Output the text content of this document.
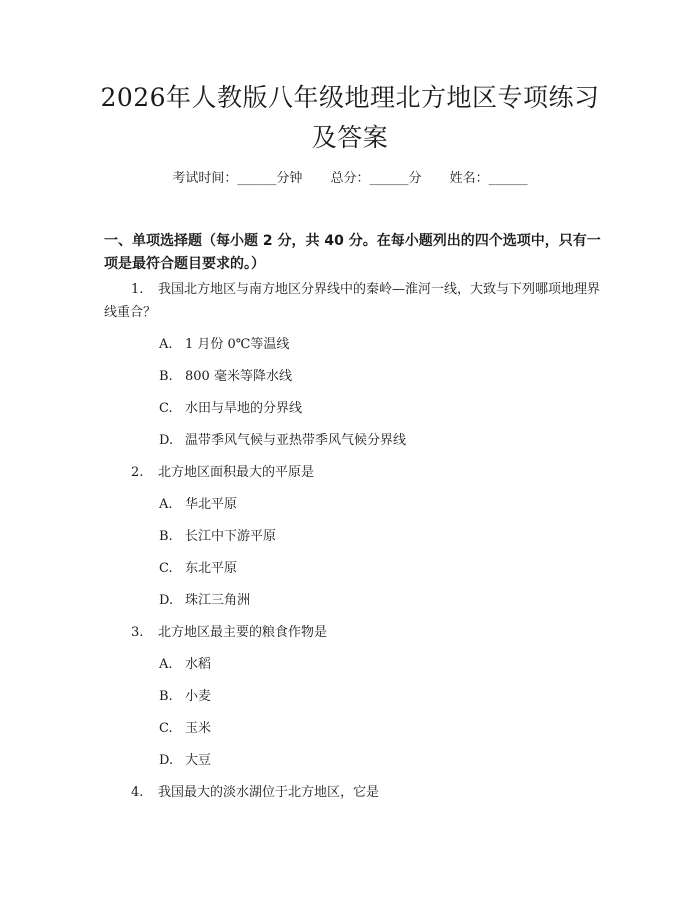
2026年人教版八年级地理北方地区专项练习及答案
考试时间：______分钟 总分：______分 姓名：______

一、单项选择题（每小题 2 分，共 40 分。在每小题列出的四个选项中，只有一项是最符合题目要求的。）

1. 我国北方地区与南方地区分界线中的秦岭—淮河一线，大致与下列哪项地理界线重合？
A. 1 月份 0℃等温线
B. 800 毫米等降水线
C. 水田与旱地的分界线
D. 温带季风气候与亚热带季风气候分界线
2. 北方地区面积最大的平原是
A. 华北平原
B. 长江中下游平原
C. 东北平原
D. 珠江三角洲
3. 北方地区最主要的粮食作物是
A. 水稻
B. 小麦
C. 玉米
D. 大豆
4. 我国最大的淡水湖位于北方地区，它是
